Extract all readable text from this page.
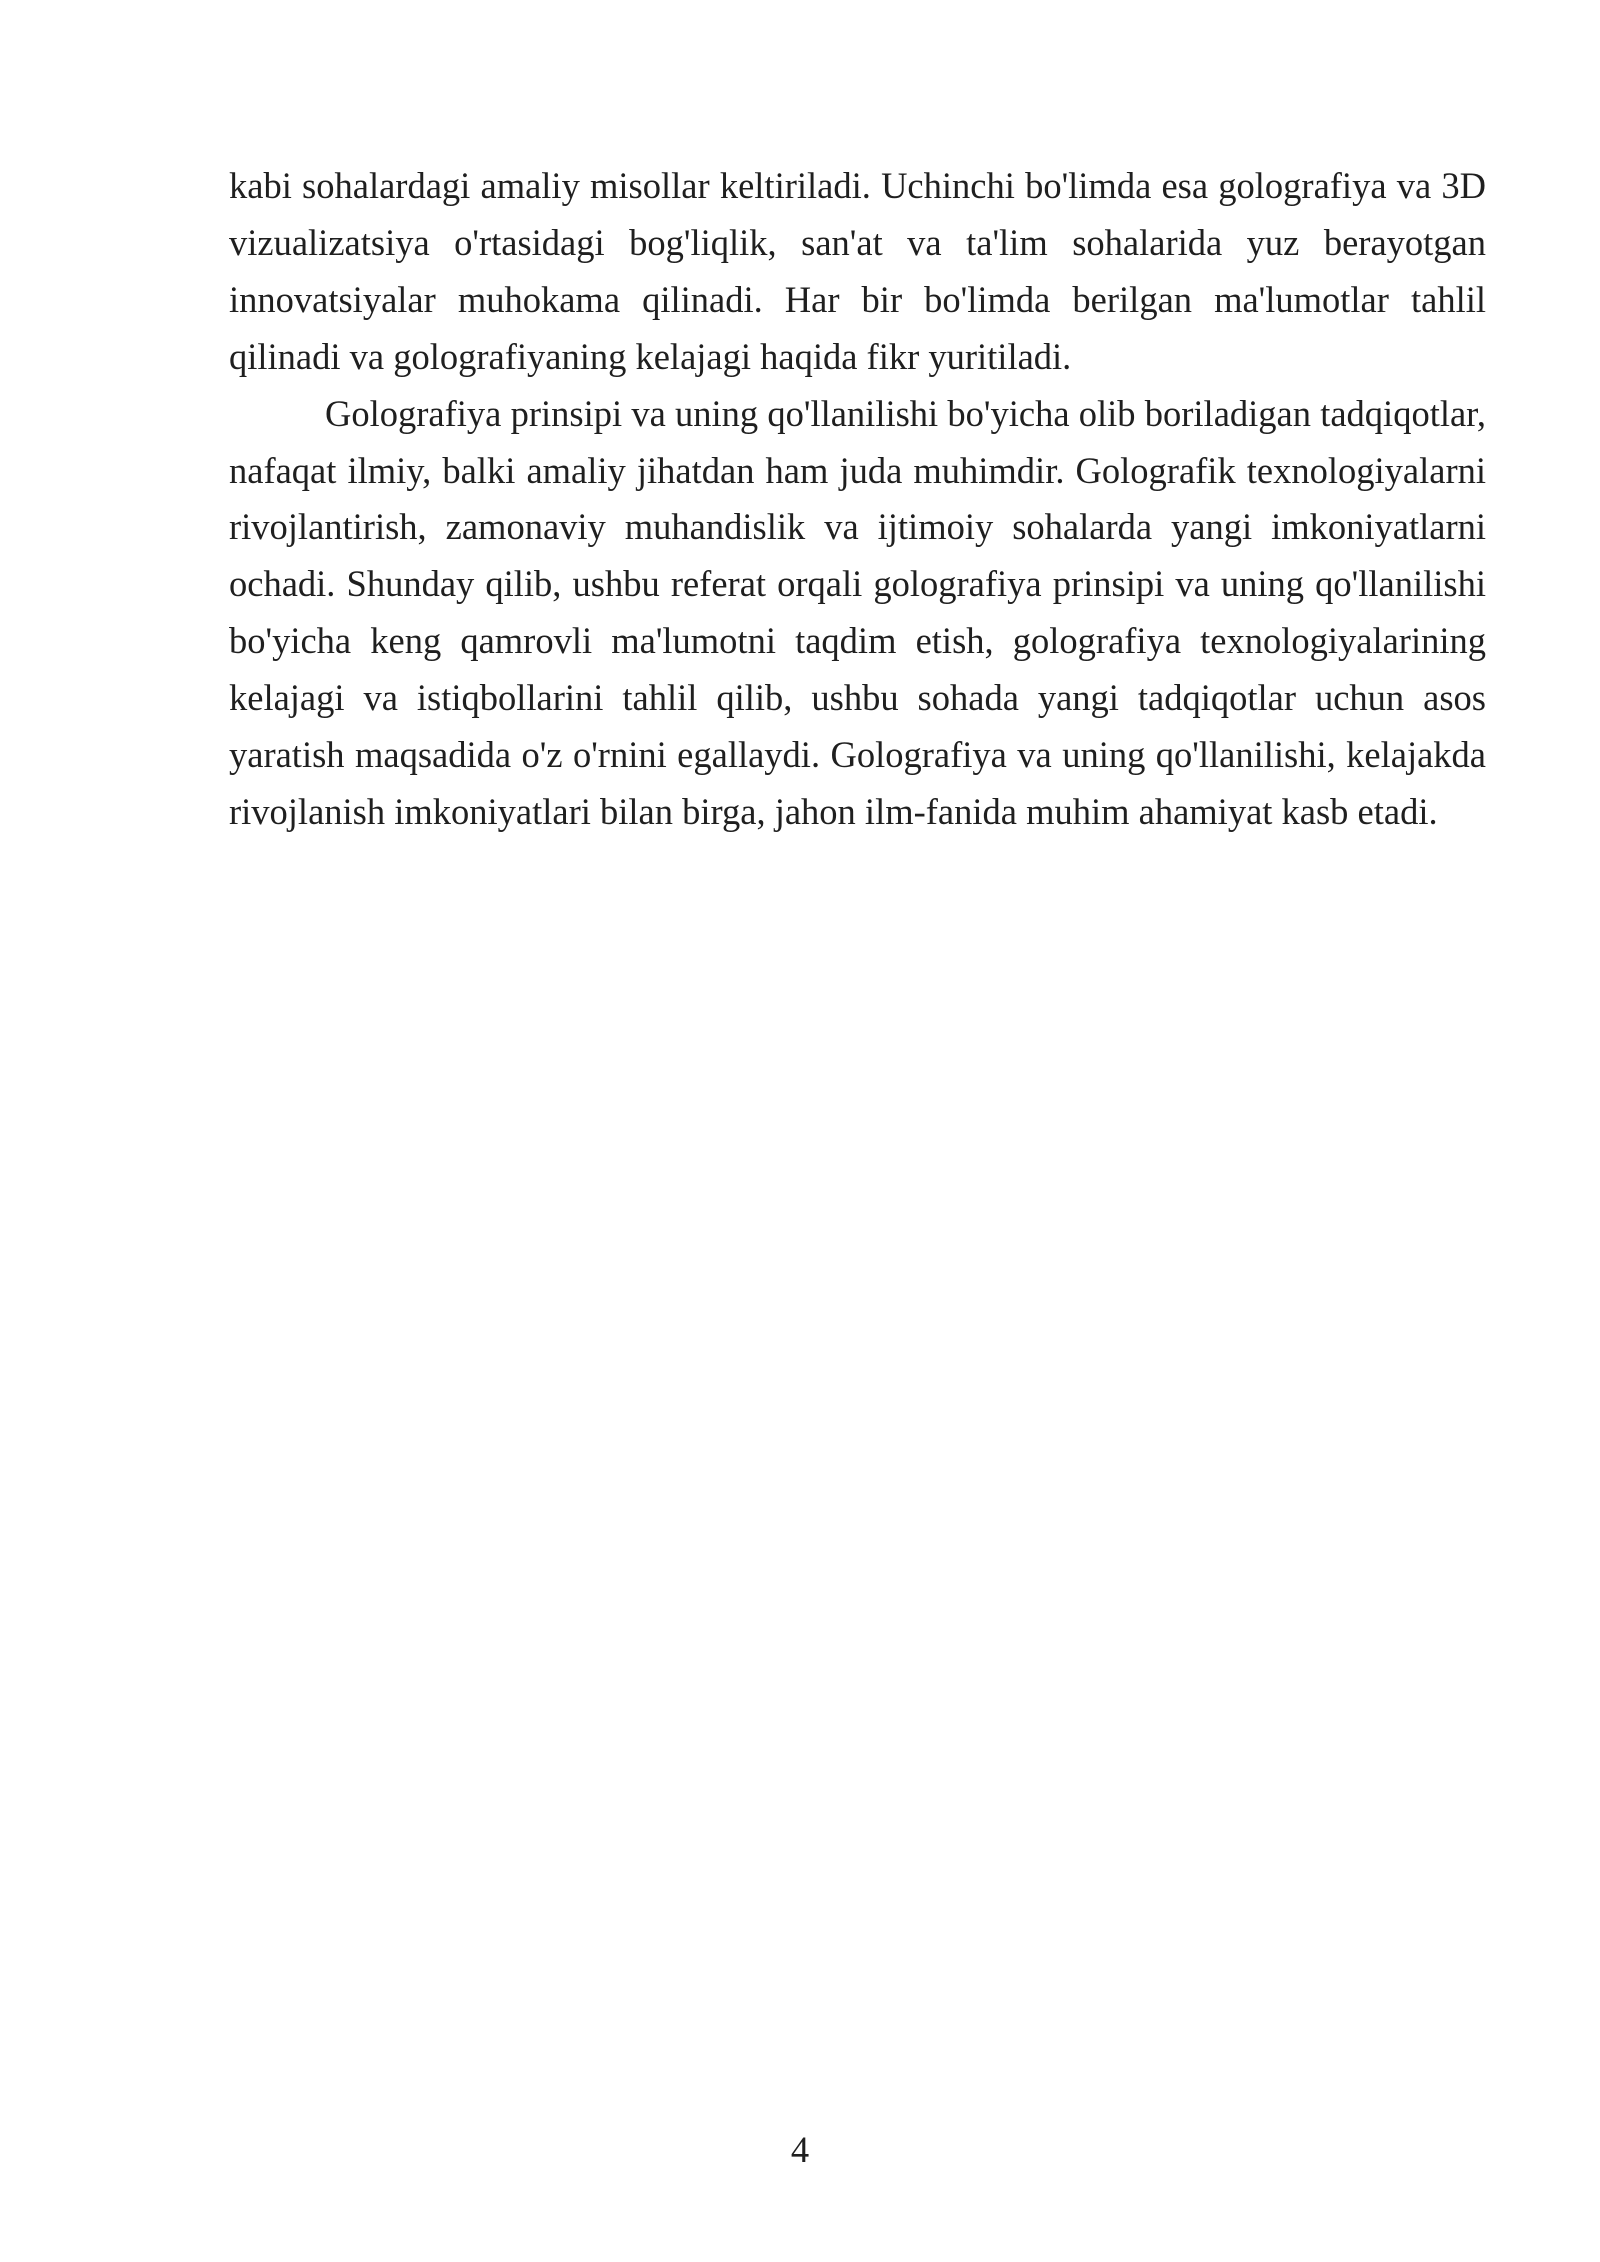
kabi sohalardagi amaliy misollar keltiriladi. Uchinchi bo'limda esa golografiya va 3D vizualizatsiya o'rtasidagi bog'liqlik, san'at va ta'lim sohalarida yuz berayotgan innovatsiyalar muhokama qilinadi. Har bir bo'limda berilgan ma'lumotlar tahlil qilinadi va golografiyaning kelajagi haqida fikr yuritiladi.

Golografiya prinsipi va uning qo'llanilishi bo'yicha olib boriladigan tadqiqotlar, nafaqat ilmiy, balki amaliy jihatdan ham juda muhimdir. Golografik texnologiyalarni rivojlantirish, zamonaviy muhandislik va ijtimoiy sohalarda yangi imkoniyatlarni ochadi. Shunday qilib, ushbu referat orqali golografiya prinsipi va uning qo'llanilishi bo'yicha keng qamrovli ma'lumotni taqdim etish, golografiya texnologiyalarining kelajagi va istiqbollarini tahlil qilib, ushbu sohada yangi tadqiqotlar uchun asos yaratish maqsadida o'z o'rnini egallaydi. Golografiya va uning qo'llanilishi, kelajakda rivojlanish imkoniyatlari bilan birga, jahon ilm-fanida muhim ahamiyat kasb etadi.

4
